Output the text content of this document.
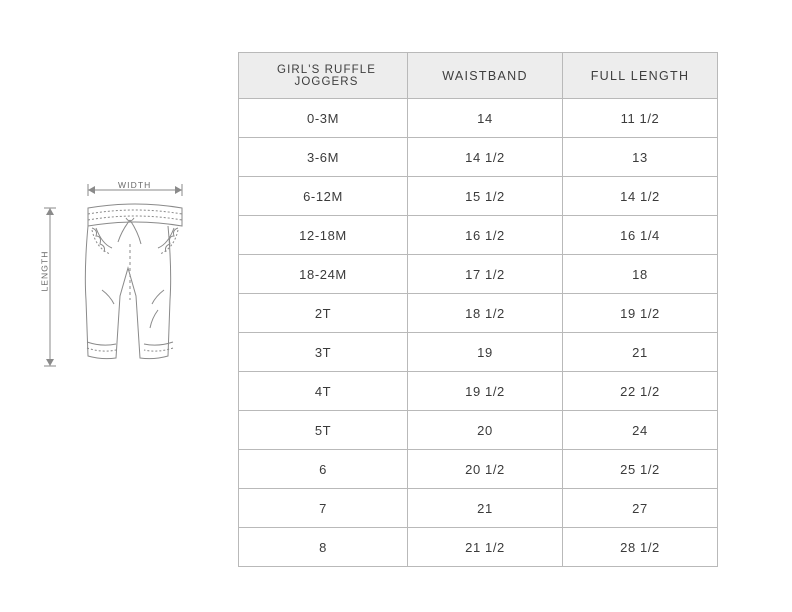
WIDTH
LENGTH
GIRL'S RUFFLE JOGGERS	WAISTBAND	FULL LENGTH
0-3M	14	11 1/2
3-6M	14 1/2	13
6-12M	15 1/2	14 1/2
12-18M	16 1/2	16 1/4
18-24M	17 1/2	18
2T	18 1/2	19 1/2
3T	19	21
4T	19 1/2	22 1/2
5T	20	24
6	20 1/2	25 1/2
7	21	27
8	21 1/2	28 1/2
